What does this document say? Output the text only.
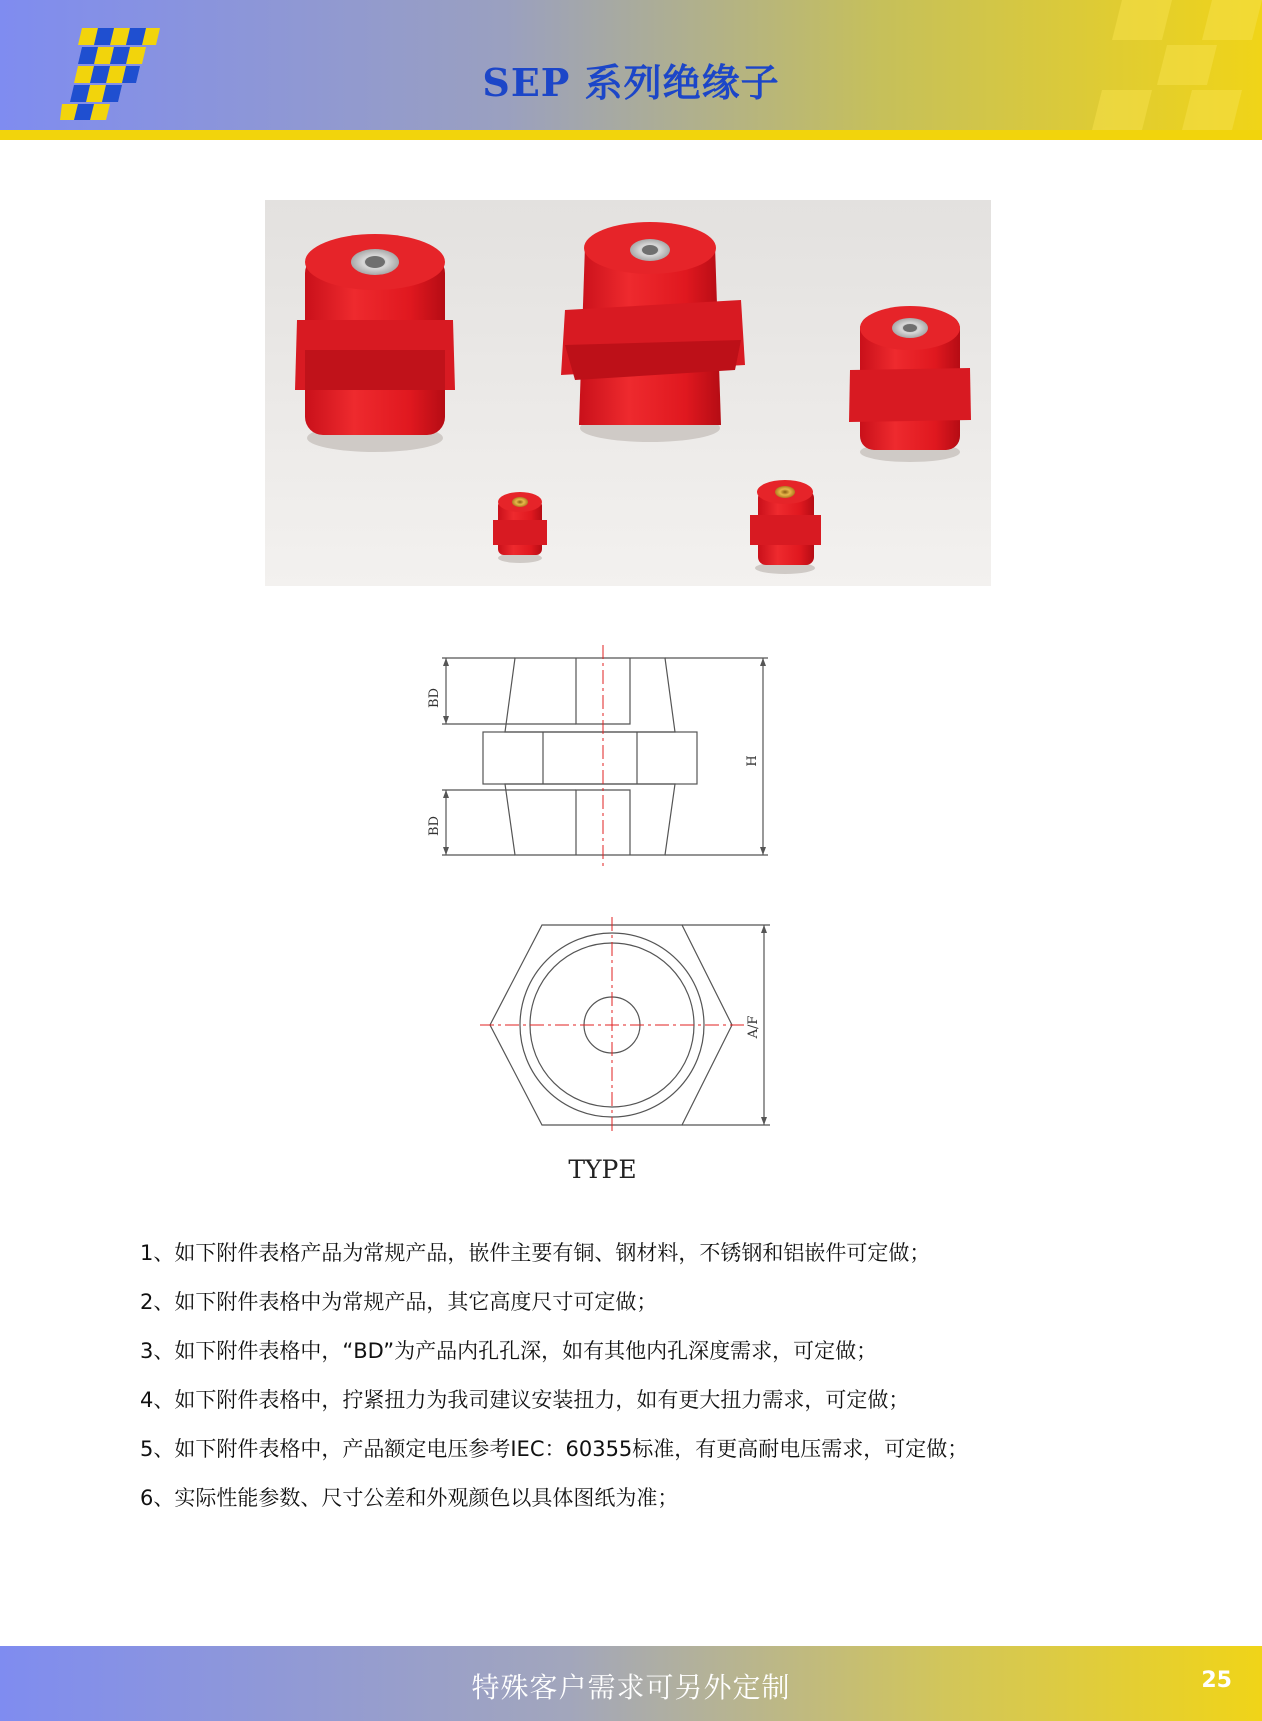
SEP 系列绝缘子
BD
BD
H
A/F
TYPE
1、如下附件表格产品为常规产品，嵌件主要有铜、钢材料，不锈钢和铝嵌件可定做；
2、如下附件表格中为常规产品，其它高度尺寸可定做；
3、如下附件表格中，“BD”为产品内孔孔深，如有其他内孔深度需求，可定做；
4、如下附件表格中，拧紧扭力为我司建议安装扭力，如有更大扭力需求，可定做；
5、如下附件表格中，产品额定电压参考IEC：60355标准，有更高耐电压需求，可定做；
6、实际性能参数、尺寸公差和外观颜色以具体图纸为准；
特殊客户需求可另外定制	25
